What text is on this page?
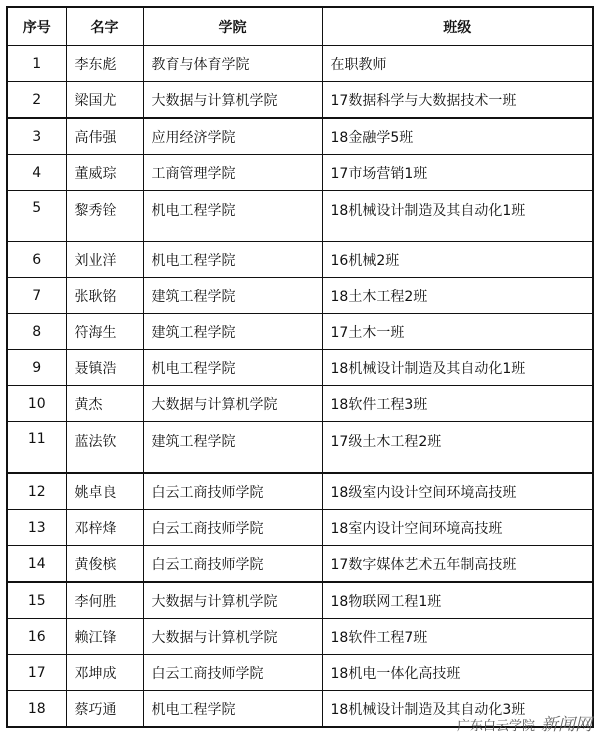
序号	名字	学院	班级
1	李东彪	教育与体育学院	在职教师
2	梁国尤	大数据与计算机学院	17数据科学与大数据技术一班
3	高伟强	应用经济学院	18金融学5班
4	董威琮	工商管理学院	17市场营销1班
5	黎秀铨	机电工程学院	18机械设计制造及其自动化1班
6	刘业洋	机电工程学院	16机械2班
7	张耿铭	建筑工程学院	18土木工程2班
8	符海生	建筑工程学院	17土木一班
9	聂镇浩	机电工程学院	18机械设计制造及其自动化1班
10	黄杰	大数据与计算机学院	18软件工程3班
11	蓝法钦	建筑工程学院	17级土木工程2班
12	姚卓良	白云工商技师学院	18级室内设计空间环境高技班
13	邓梓烽	白云工商技师学院	18室内设计空间环境高技班
14	黄俊槟	白云工商技师学院	17数字媒体艺术五年制高技班
15	李何胜	大数据与计算机学院	18物联网工程1班
16	赖江锋	大数据与计算机学院	18软件工程7班
17	邓坤成	白云工商技师学院	18机电一体化高技班
18	蔡巧通	机电工程学院	18机械设计制造及其自动化3班
广东白云学院 新闻网
